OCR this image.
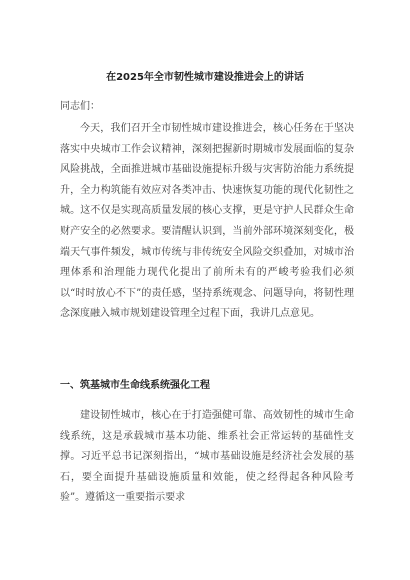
在2025年全市韧性城市建设推进会上的讲话
同志们：

今天，我们召开全市韧性城市建设推进会，核心任务在于坚决落实中央城市工作会议精神，深刻把握新时期城市发展面临的复杂风险挑战，全面推进城市基础设施提标升级与灾害防治能力系统提升，全力构筑能有效应对各类冲击、快速恢复功能的现代化韧性之城。这不仅是实现高质量发展的核心支撑，更是守护人民群众生命财产安全的必然要求。要清醒认识到，当前外部环境深刻变化，极端天气事件频发，城市传统与非传统安全风险交织叠加，对城市治理体系和治理能力现代化提出了前所未有的严峻考验我们必须以“时时放心不下”的责任感，坚持系统观念、问题导向，将韧性理念深度融入城市规划建设管理全过程下面，我讲几点意见。

一、筑基城市生命线系统强化工程

建设韧性城市，核心在于打造强健可靠、高效韧性的城市生命线系统，这是承载城市基本功能、维系社会正常运转的基础性支撑。习近平总书记深刻指出，“城市基础设施是经济社会发展的基石，要全面提升基础设施质量和效能，使之经得起各种风险考验”。遵循这一重要指示要求
